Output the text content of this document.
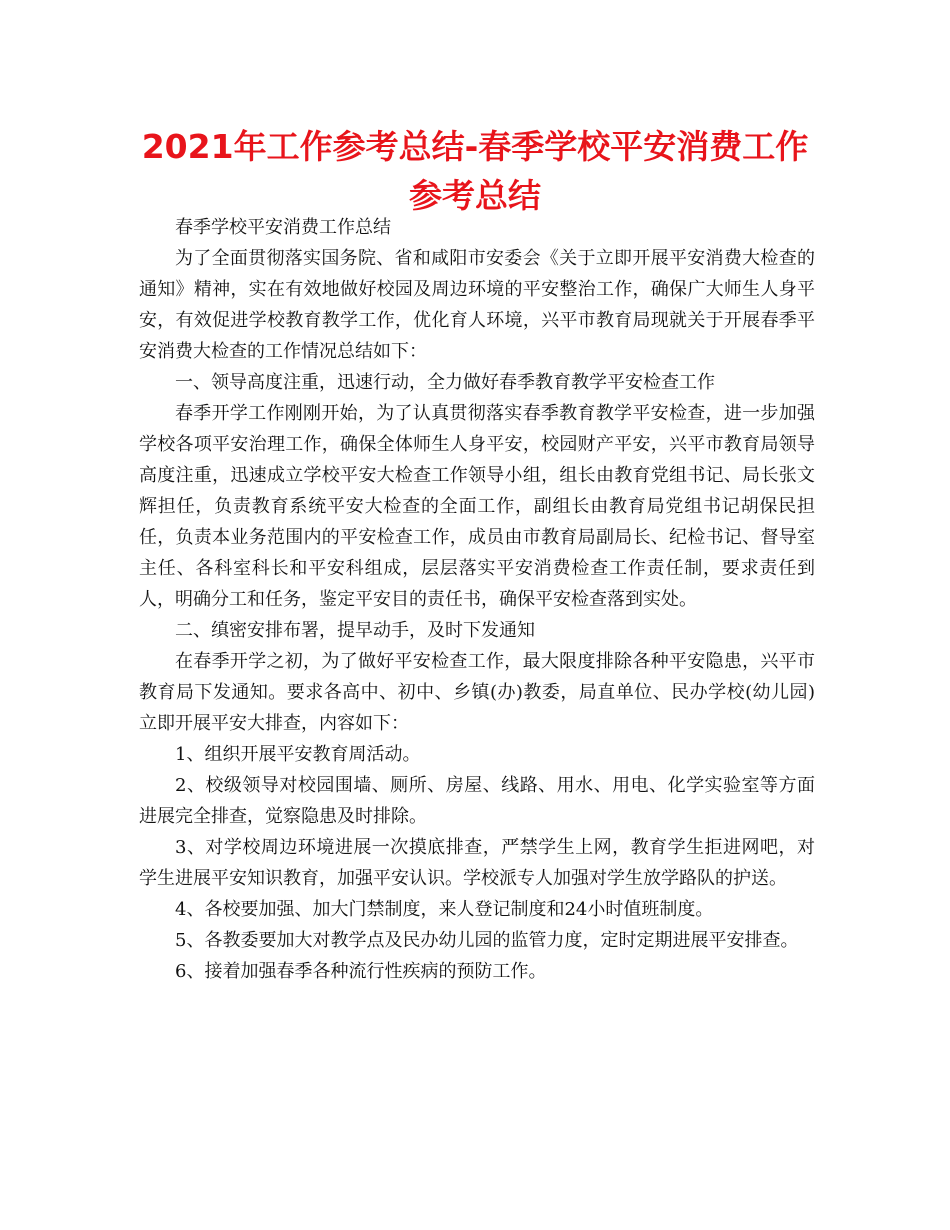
2021年工作参考总结-春季学校平安消费工作参考总结

春季学校平安消费工作总结

为了全面贯彻落实国务院、省和咸阳市安委会《关于立即开展平安消费大检查的通知》精神，实在有效地做好校园及周边环境的平安整治工作，确保广大师生人身平安，有效促进学校教育教学工作，优化育人环境，兴平市教育局现就关于开展春季平安消费大检查的工作情况总结如下：

一、领导高度注重，迅速行动，全力做好春季教育教学平安检查工作

春季开学工作刚刚开始，为了认真贯彻落实春季教育教学平安检查，进一步加强学校各项平安治理工作，确保全体师生人身平安，校园财产平安，兴平市教育局领导高度注重，迅速成立学校平安大检查工作领导小组，组长由教育党组书记、局长张文辉担任，负责教育系统平安大检查的全面工作，副组长由教育局党组书记胡保民担任，负责本业务范围内的平安检查工作，成员由市教育局副局长、纪检书记、督导室主任、各科室科长和平安科组成，层层落实平安消费检查工作责任制，要求责任到人，明确分工和任务，鉴定平安目的责任书，确保平安检查落到实处。

二、缜密安排布署，提早动手，及时下发通知

在春季开学之初，为了做好平安检查工作，最大限度排除各种平安隐患，兴平市教育局下发通知。要求各高中、初中、乡镇(办)教委，局直单位、民办学校(幼儿园)立即开展平安大排查，内容如下：

1、组织开展平安教育周活动。

2、校级领导对校园围墙、厕所、房屋、线路、用水、用电、化学实验室等方面进展完全排查，觉察隐患及时排除。

3、对学校周边环境进展一次摸底排查，严禁学生上网，教育学生拒进网吧，对学生进展平安知识教育，加强平安认识。学校派专人加强对学生放学路队的护送。

4、各校要加强、加大门禁制度，来人登记制度和24小时值班制度。

5、各教委要加大对教学点及民办幼儿园的监管力度，定时定期进展平安排查。

6、接着加强春季各种流行性疾病的预防工作。
